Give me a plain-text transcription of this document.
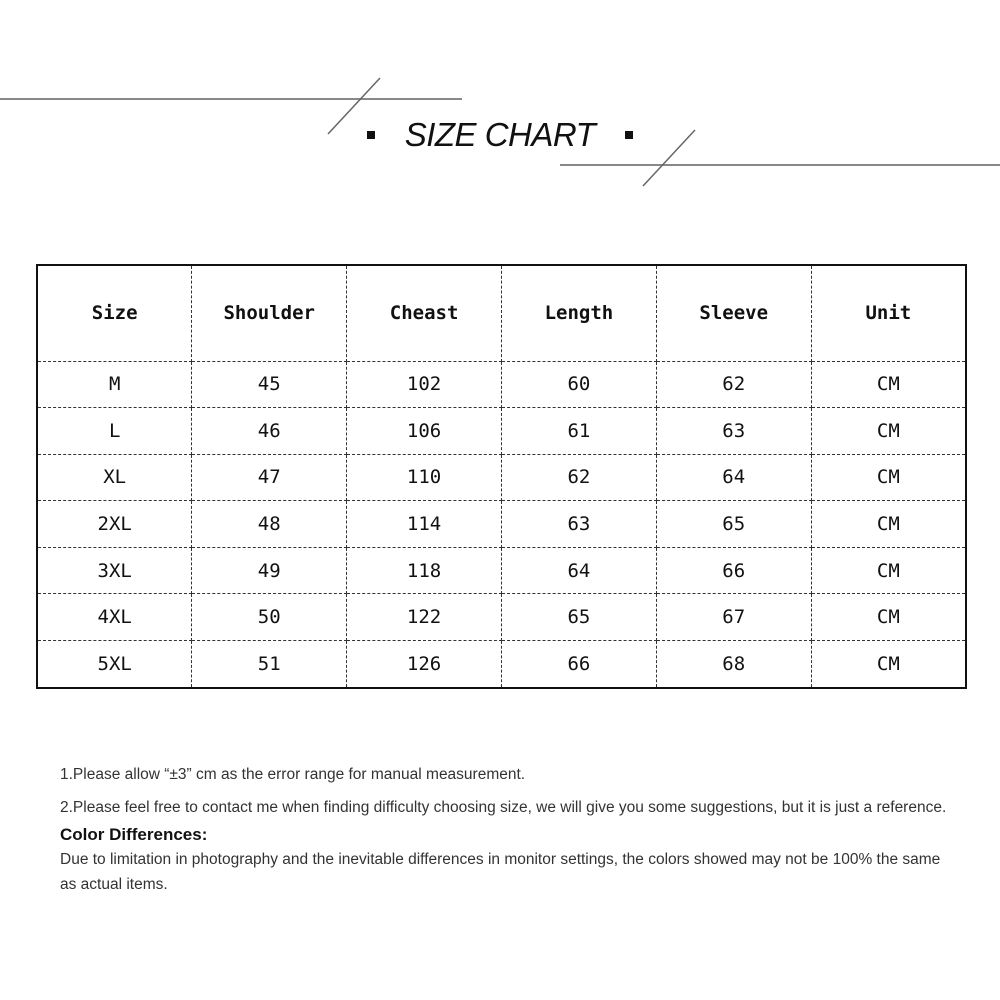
SIZE CHART
Size	Shoulder	Cheast	Length	Sleeve	Unit
M	45	102	60	62	CM
L	46	106	61	63	CM
XL	47	110	62	64	CM
2XL	48	114	63	65	CM
3XL	49	118	64	66	CM
4XL	50	122	65	67	CM
5XL	51	126	66	68	CM

1.Please allow “±3” cm as the error range for manual measurement.

2.Please feel free to contact me when finding difficulty choosing size, we will give you some suggestions, but it is just a reference.

Color Differences:

Due to limitation in photography and the inevitable differences in monitor settings, the colors showed may not be 100% the same as actual items.
